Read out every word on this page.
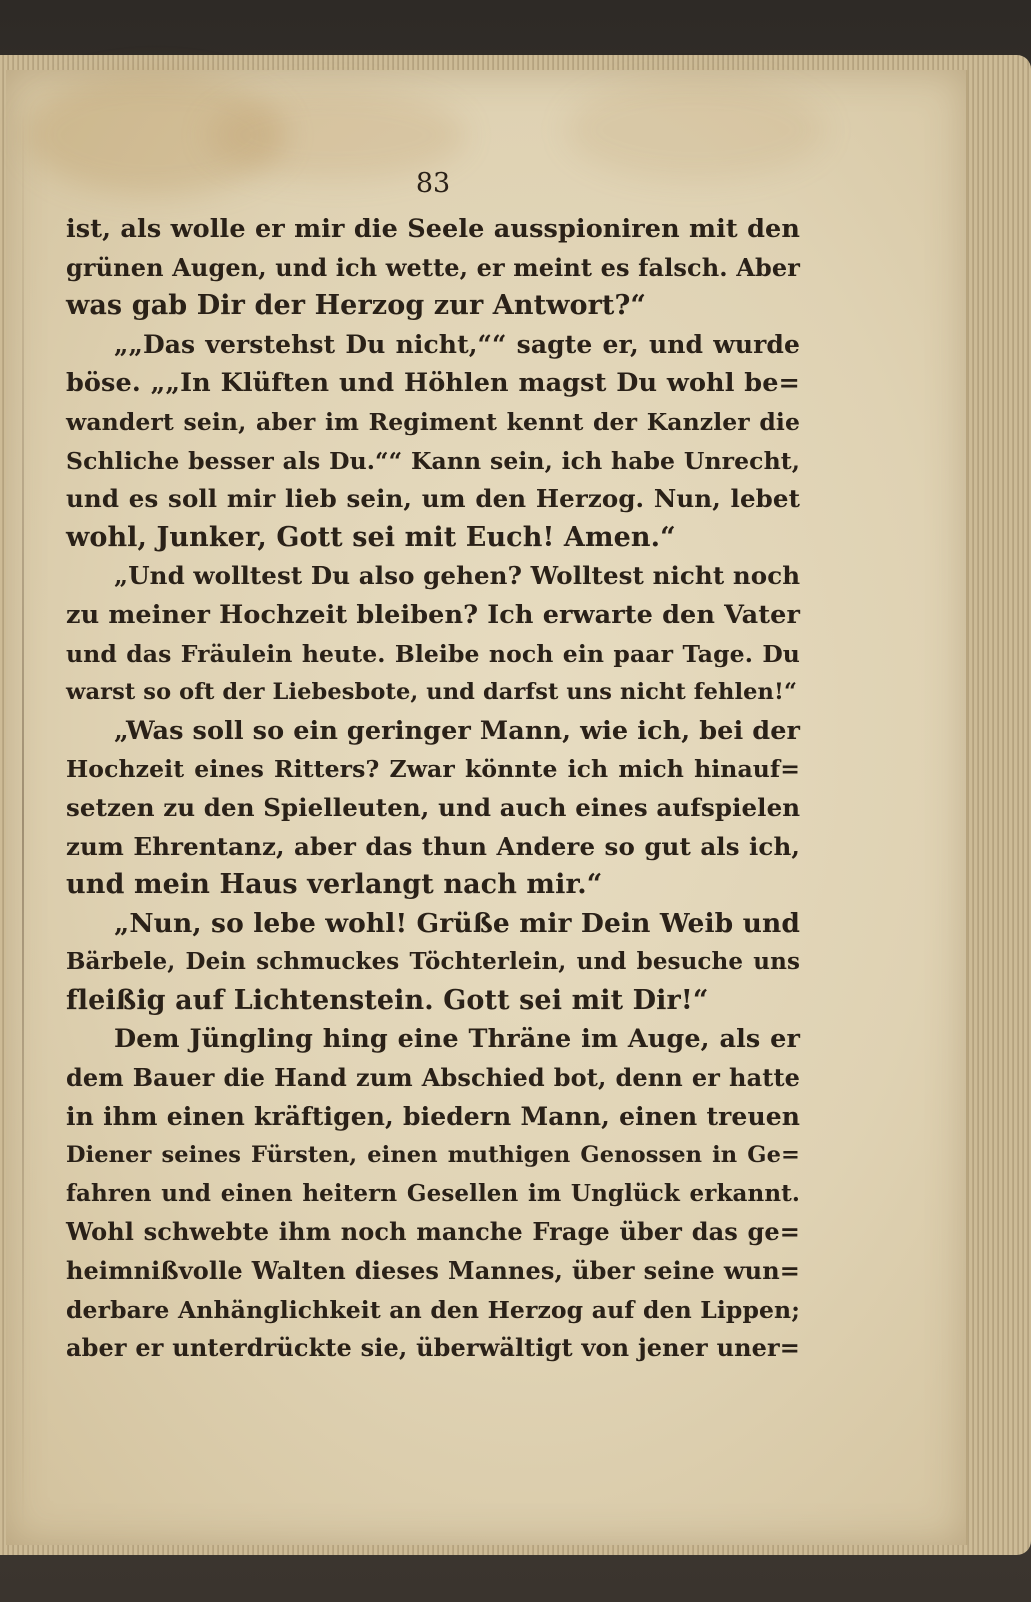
83
ist, als wolle er mir die Seele ausspioniren mit den
grünen Augen, und ich wette, er meint es falsch. Aber
was gab Dir der Herzog zur Antwort?“
„„Das verstehst Du nicht,““ sagte er, und wurde
böse. „„In Klüften und Höhlen magst Du wohl be=
wandert sein, aber im Regiment kennt der Kanzler die
Schliche besser als Du.““ Kann sein, ich habe Unrecht,
und es soll mir lieb sein, um den Herzog. Nun, lebet
wohl, Junker, Gott sei mit Euch! Amen.“
„Und wolltest Du also gehen? Wolltest nicht noch
zu meiner Hochzeit bleiben? Ich erwarte den Vater
und das Fräulein heute. Bleibe noch ein paar Tage. Du
warst so oft der Liebesbote, und darfst uns nicht fehlen!“
„Was soll so ein geringer Mann, wie ich, bei der
Hochzeit eines Ritters? Zwar könnte ich mich hinauf=
setzen zu den Spielleuten, und auch eines aufspielen
zum Ehrentanz, aber das thun Andere so gut als ich,
und mein Haus verlangt nach mir.“
„Nun, so lebe wohl! Grüße mir Dein Weib und
Bärbele, Dein schmuckes Töchterlein, und besuche uns
fleißig auf Lichtenstein. Gott sei mit Dir!“
Dem Jüngling hing eine Thräne im Auge, als er
dem Bauer die Hand zum Abschied bot, denn er hatte
in ihm einen kräftigen, biedern Mann, einen treuen
Diener seines Fürsten, einen muthigen Genossen in Ge=
fahren und einen heitern Gesellen im Unglück erkannt.
Wohl schwebte ihm noch manche Frage über das ge=
heimnißvolle Walten dieses Mannes, über seine wun=
derbare Anhänglichkeit an den Herzog auf den Lippen;
aber er unterdrückte sie, überwältigt von jener uner=
